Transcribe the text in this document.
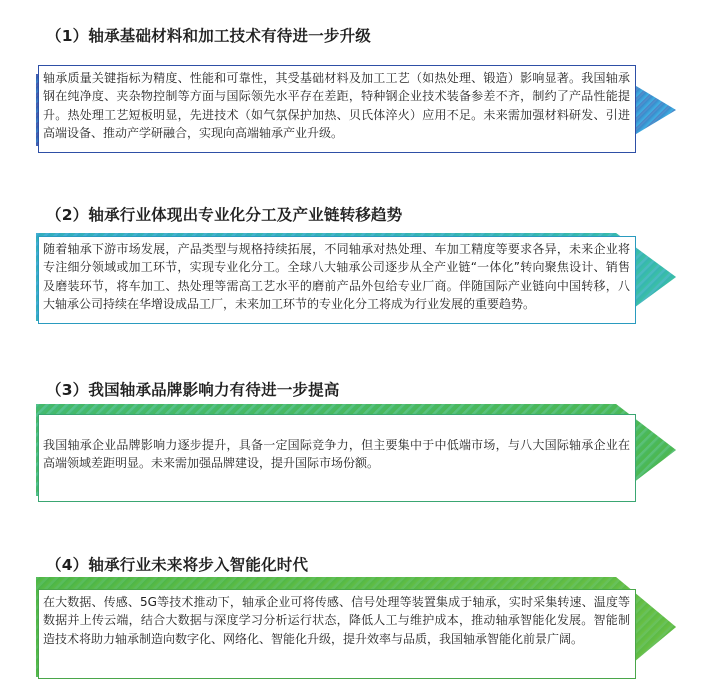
（1）轴承基础材料和加工技术有待进一步升级
轴承质量关键指标为精度、性能和可靠性，其受基础材料及加工工艺（如热处理、锻造）影响显著。我国轴承钢在纯净度、夹杂物控制等方面与国际领先水平存在差距，特种钢企业技术装备参差不齐，制约了产品性能提升。热处理工艺短板明显，先进技术（如气氛保护加热、贝氏体淬火）应用不足。未来需加强材料研发、引进高端设备、推动产学研融合，实现向高端轴承产业升级。
（2）轴承行业体现出专业化分工及产业链转移趋势
随着轴承下游市场发展，产品类型与规格持续拓展，不同轴承对热处理、车加工精度等要求各异，未来企业将专注细分领域或加工环节，实现专业化分工。全球八大轴承公司逐步从全产业链“一体化”转向聚焦设计、销售及磨装环节，将车加工、热处理等需高工艺水平的磨前产品外包给专业厂商。伴随国际产业链向中国转移，八大轴承公司持续在华增设成品工厂，未来加工环节的专业化分工将成为行业发展的重要趋势。
（3）我国轴承品牌影响力有待进一步提高
我国轴承企业品牌影响力逐步提升，具备一定国际竞争力，但主要集中于中低端市场，与八大国际轴承企业在高端领域差距明显。未来需加强品牌建设，提升国际市场份额。
（4）轴承行业未来将步入智能化时代
在大数据、传感、5G等技术推动下，轴承企业可将传感、信号处理等装置集成于轴承，实时采集转速、温度等数据并上传云端，结合大数据与深度学习分析运行状态，降低人工与维护成本，推动轴承智能化发展。智能制造技术将助力轴承制造向数字化、网络化、智能化升级，提升效率与品质，我国轴承智能化前景广阔。
